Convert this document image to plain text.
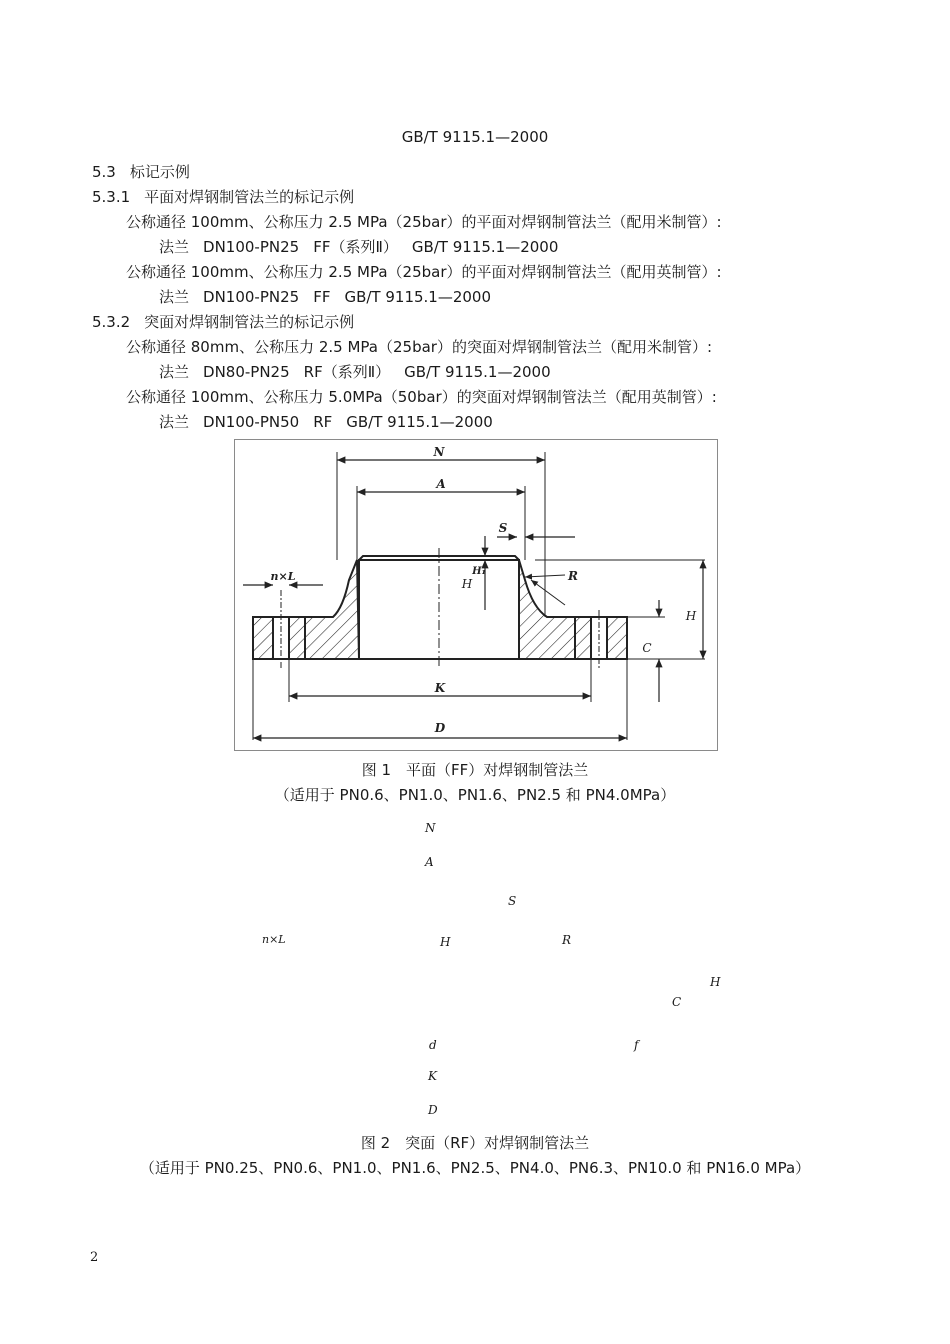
GB/T 9115.1—2000
5.3 标记示例
5.3.1 平面对焊钢制管法兰的标记示例
公称通径 100mm、公称压力 2.5 MPa（25bar）的平面对焊钢制管法兰（配用米制管）:
法兰 DN100-PN25 FF（系列Ⅱ） GB/T 9115.1—2000
公称通径 100mm、公称压力 2.5 MPa（25bar）的平面对焊钢制管法兰（配用英制管）:
法兰 DN100-PN25 FF GB/T 9115.1—2000
5.3.2 突面对焊钢制管法兰的标记示例
公称通径 80mm、公称压力 2.5 MPa（25bar）的突面对焊钢制管法兰（配用米制管）:
法兰 DN80-PN25 RF（系列Ⅱ） GB/T 9115.1—2000
公称通径 100mm、公称压力 5.0MPa（50bar）的突面对焊钢制管法兰（配用英制管）:
法兰 DN100-PN50 RF GB/T 9115.1—2000
N
A
S
H₁
H
R
n×L
H
C
K
D
图 1　平面（FF）对焊钢制管法兰
（适用于 PN0.6、PN1.0、PN1.6、PN2.5 和 PN4.0MPa）
N
A
S
n×L	H	R
H
C
d	f
K
D
图 2　突面（RF）对焊钢制管法兰
（适用于 PN0.25、PN0.6、PN1.0、PN1.6、PN2.5、PN4.0、PN6.3、PN10.0 和 PN16.0 MPa）
2
